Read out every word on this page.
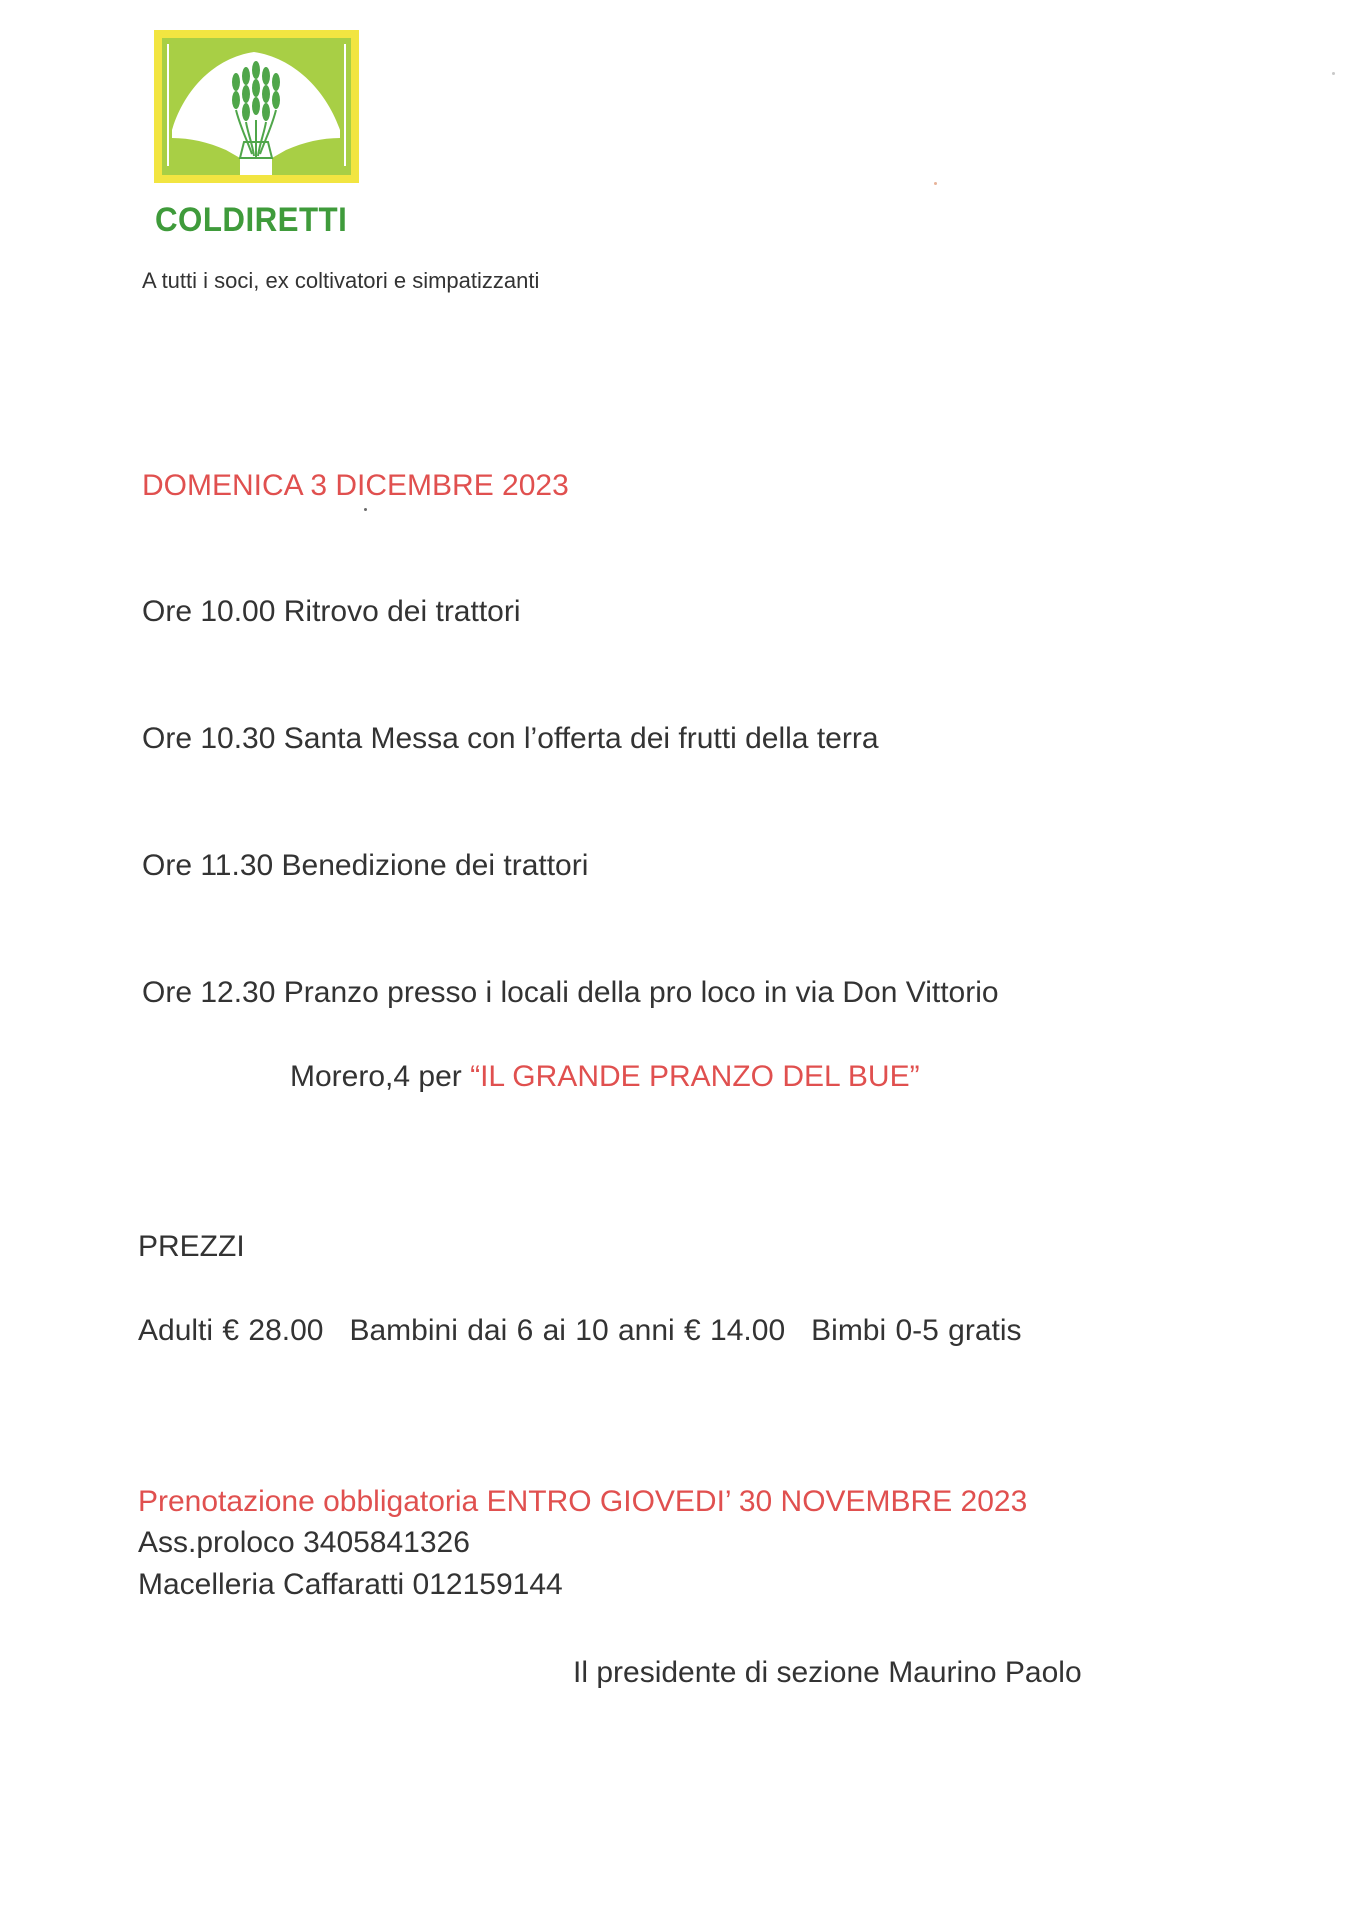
COLDIRETTI
A tutti i soci, ex coltivatori e simpatizzanti
DOMENICA 3 DICEMBRE 2023
Ore 10.00 Ritrovo dei trattori
Ore 10.30 Santa Messa con l’offerta dei frutti della terra
Ore 11.30 Benedizione dei trattori
Ore 12.30 Pranzo presso i locali della pro loco in via Don Vittorio
Morero,4 per “IL GRANDE PRANZO DEL BUE”
PREZZI
Adulti € 28.00 Bambini dai 6 ai 10 anni € 14.00 Bimbi 0-5 gratis
Prenotazione obbligatoria ENTRO GIOVEDI’ 30 NOVEMBRE 2023
Ass.proloco 3405841326
Macelleria Caffaratti 012159144
Il presidente di sezione Maurino Paolo
